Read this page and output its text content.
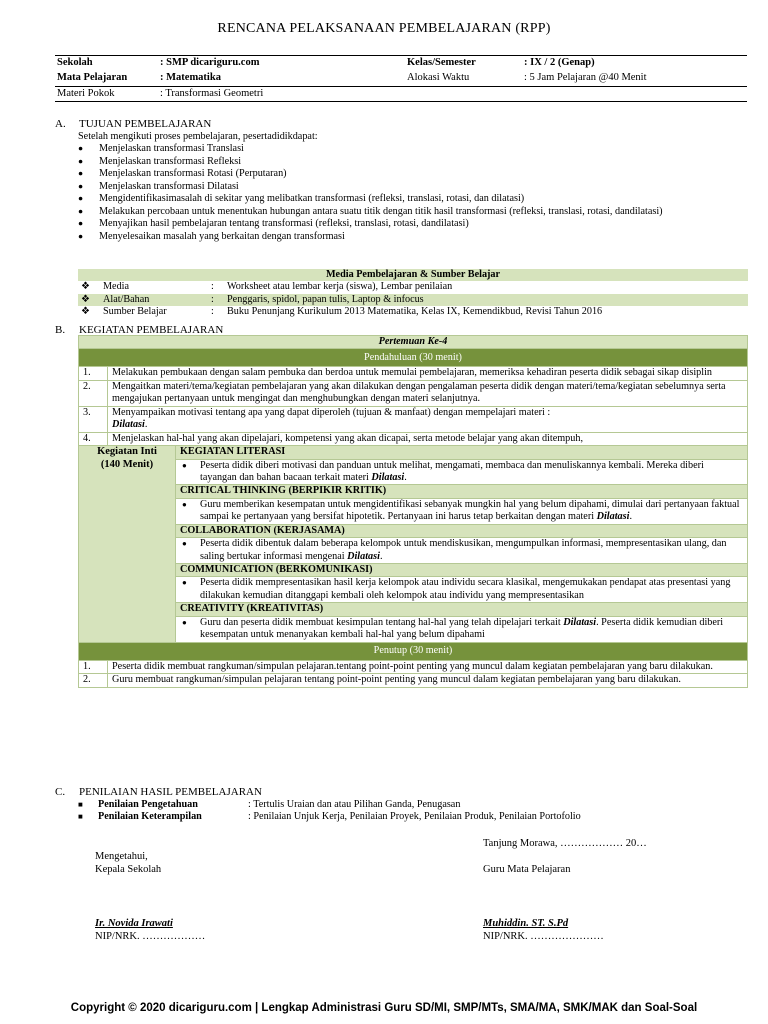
RENCANA PELAKSANAAN PEMBELAJARAN (RPP)
Sekolah	: SMP dicariguru.com	Kelas/Semester	: IX / 2 (Genap)
Mata Pelajaran	: Matematika	Alokasi Waktu	: 5 Jam Pelajaran @40 Menit
Materi Pokok	: Transformasi Geometri		
A. TUJUAN PEMBELAJARAN
Setelah mengikuti proses pembelajaran, pesertadidikdapat:
● Menjelaskan transformasi Translasi
● Menjelaskan transformasi Refleksi
● Menjelaskan transformasi Rotasi (Perputaran)
● Menjelaskan transformasi Dilatasi
● Mengidentifikasimasalah di sekitar yang melibatkan transformasi (refleksi, translasi, rotasi, dan dilatasi)
● Melakukan percobaan untuk menentukan hubungan antara suatu titik dengan titik hasil transformasi (refleksi, translasi, rotasi, dandilatasi)
● Menyajikan hasil pembelajaran tentang transformasi (refleksi, translasi, rotasi, dandilatasi)
● Menyelesaikan masalah yang berkaitan dengan transformasi
Media Pembelajaran & Sumber Belajar			
❖	Media	:	Worksheet atau lembar kerja (siswa), Lembar penilaian
❖	Alat/Bahan	:	Penggaris, spidol, papan tulis, Laptop & infocus
❖	Sumber Belajar	:	Buku Penunjang Kurikulum 2013 Matematika, Kelas IX, Kemendikbud, Revisi Tahun 2016
B. KEGIATAN PEMBELAJARAN
Pertemuan Ke-4		
Pendahuluan (30 menit)		
1.	Melakukan pembukaan dengan salam pembuka dan berdoa untuk memulai pembelajaran, memeriksa kehadiran peserta didik sebagai sikap disiplin	
2.	Mengaitkan materi/tema/kegiatan pembelajaran yang akan dilakukan dengan pengalaman peserta didik dengan materi/tema/kegiatan sebelumnya serta mengajukan pertanyaan untuk mengingat dan menghubungkan dengan materi selanjutnya.	
3.	Menyampaikan motivasi tentang apa yang dapat diperoleh (tujuan & manfaat) dengan mempelajari materi :
Dilatasi.	
4.	Menjelaskan hal-hal yang akan dipelajari, kompetensi yang akan dicapai, serta metode belajar yang akan ditempuh,	

Kegiatan Inti
(140 Menit)		KEGIATAN LITERASI
		● Peserta didik diberi motivasi dan panduan untuk melihat, mengamati, membaca dan menuliskannya kembali. Mereka diberi tayangan dan bahan bacaan terkait materi Dilatasi.
		CRITICAL THINKING (BERPIKIR KRITIK)
		● Guru memberikan kesempatan untuk mengidentifikasi sebanyak mungkin hal yang belum dipahami, dimulai dari pertanyaan faktual sampai ke pertanyaan yang bersifat hipotetik. Pertanyaan ini harus tetap berkaitan dengan materi Dilatasi.
		COLLABORATION (KERJASAMA)
		● Peserta didik dibentuk dalam beberapa kelompok untuk mendiskusikan, mengumpulkan informasi, mempresentasikan ulang, dan saling bertukar informasi mengenai Dilatasi.
		COMMUNICATION (BERKOMUNIKASI)
		● Peserta didik mempresentasikan hasil kerja kelompok atau individu secara klasikal, mengemukakan pendapat atas presentasi yang dilakukan kemudian ditanggapi kembali oleh kelompok atau individu yang mempresentasikan
		CREATIVITY (KREATIVITAS)
		● Guru dan peserta didik membuat kesimpulan tentang hal-hal yang telah dipelajari terkait Dilatasi. Peserta didik kemudian diberi kesempatan untuk menanyakan kembali hal-hal yang belum dipahami
Penutup (30 menit)		
1.	Peserta didik membuat rangkuman/simpulan pelajaran.tentang point-point penting yang muncul dalam kegiatan pembelajaran yang baru dilakukan.	
2.	Guru membuat rangkuman/simpulan pelajaran tentang point-point penting yang muncul dalam kegiatan pembelajaran yang baru dilakukan.	
C. PENILAIAN HASIL PEMBELAJARAN
■ Penilaian Pengetahuan	: Tertulis Uraian dan atau Pilihan Ganda, Penugasan
■ Penilaian Keterampilan	: Penilaian Unjuk Kerja, Penilaian Proyek, Penilaian Produk, Penilaian Portofolio
Tanjung Morawa, ……………… 20…
Mengetahui,
Kepala Sekolah	Guru Mata Pelajaran
Ir. Novida Irawati
NIP/NRK. ………………
Muhiddin. ST. S.Pd
NIP/NRK. …………………
Copyright © 2020 dicariguru.com | Lengkap Administrasi Guru SD/MI, SMP/MTs, SMA/MA, SMK/MAK dan Soal-Soal
